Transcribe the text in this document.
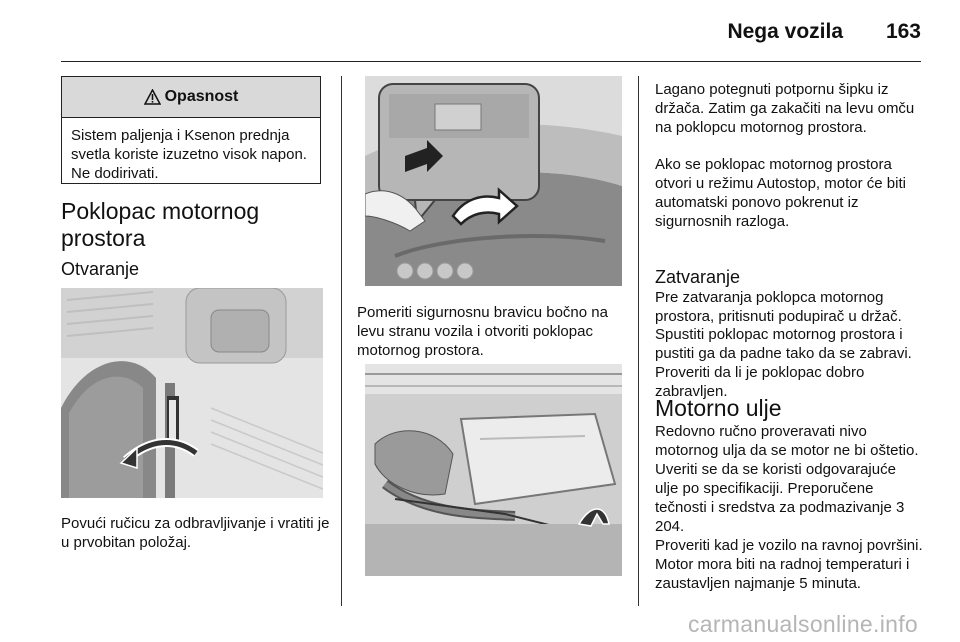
Nega vozila 163
Opasnost
Sistem paljenja i Ksenon prednja svetla koriste izuzetno visok napon. Ne dodirivati.
Poklopac motornog prostora
Otvaranje
Povući ručicu za odbravljivanje i vratiti je u prvobitan položaj.
Pomeriti sigurnosnu bravicu bočno na levu stranu vozila i otvoriti poklopac motornog prostora.
Lagano potegnuti potpornu šipku iz držača. Zatim ga zakačiti na levu omču na poklopcu motornog prostora.
Ako se poklopac motornog prostora otvori u režimu Autostop, motor će biti automatski ponovo pokrenut iz sigurnosnih razloga.
Zatvaranje
Pre zatvaranja poklopca motornog prostora, pritisnuti podupirač u držač.
Spustiti poklopac motornog prostora i pustiti ga da padne tako da se zabravi. Proveriti da li je poklopac dobro zabravljen.
Motorno ulje
Redovno ručno proveravati nivo motornog ulja da se motor ne bi oštetio. Uveriti se da se koristi odgovarajuće ulje po specifikaciji. Preporučene tečnosti i sredstva za podmazivanje 3 204.
Proveriti kad je vozilo na ravnoj površini. Motor mora biti na radnoj temperaturi i zaustavljen najmanje 5 minuta.
carmanualsonline.info
